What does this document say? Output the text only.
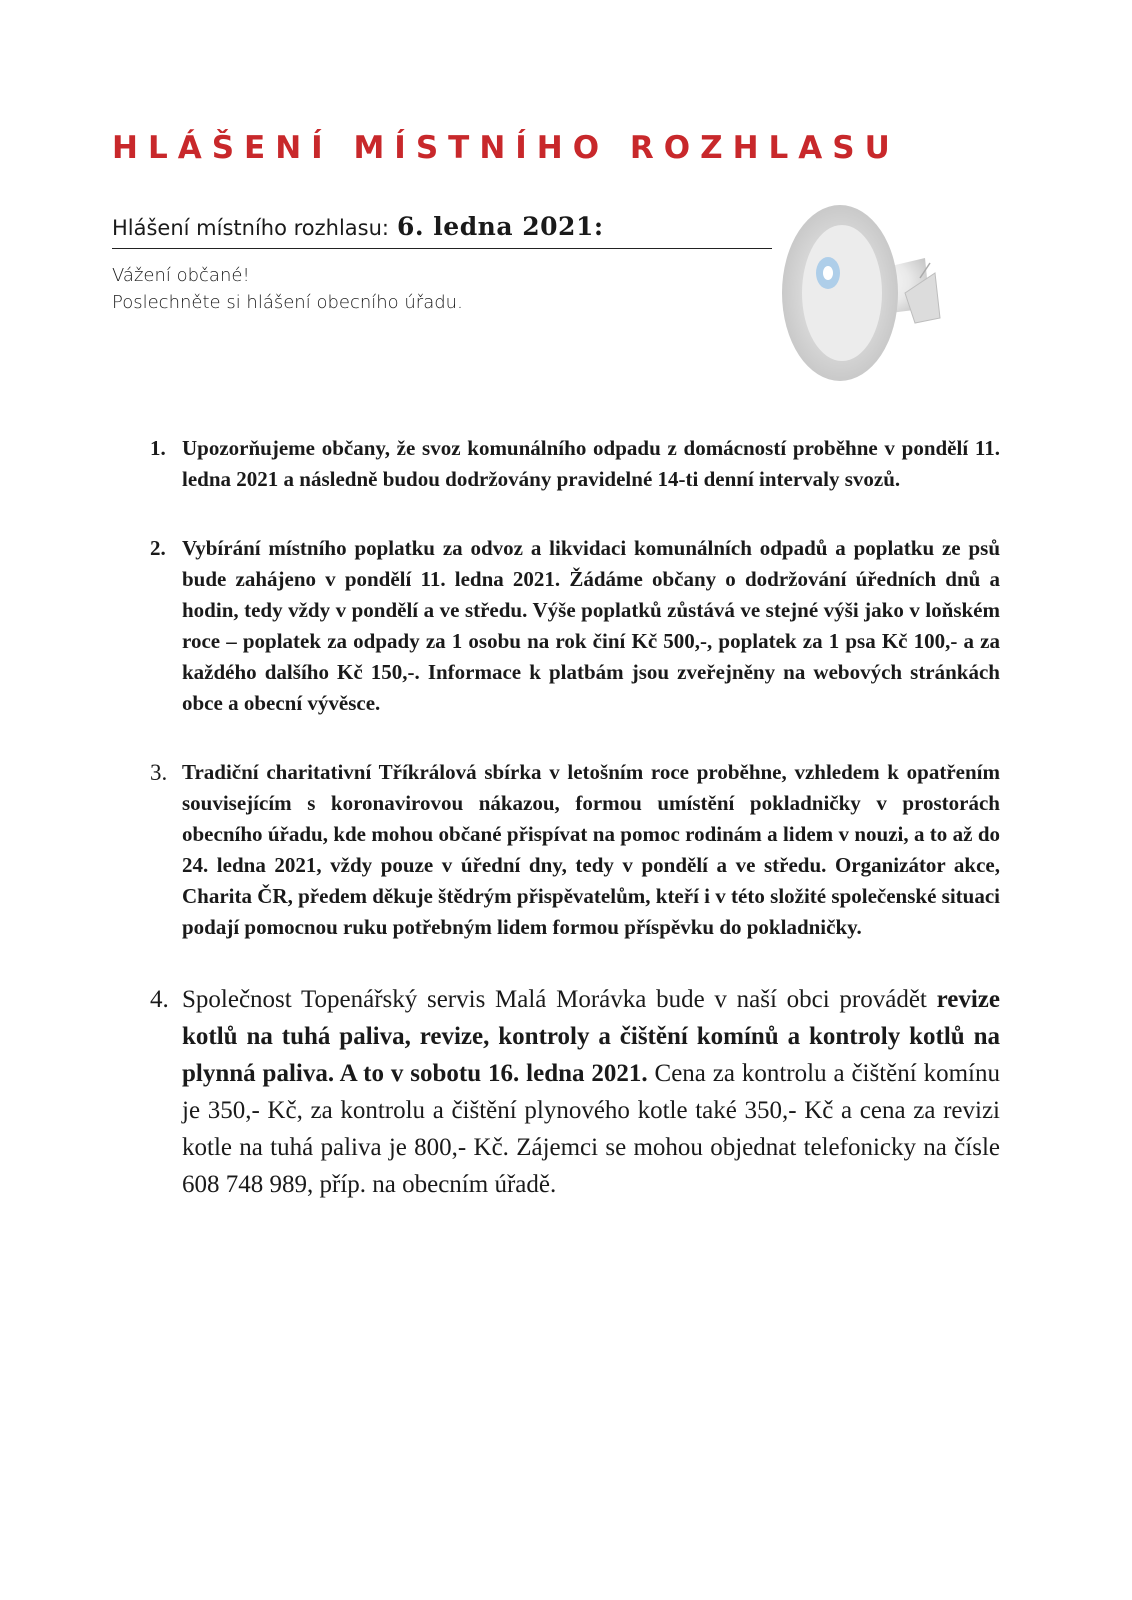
HLÁŠENÍ MÍSTNÍHO ROZHLASU
Hlášení místního rozhlasu: 6. ledna 2021:
Vážení občané!
Poslechněte si hlášení obecního úřadu.
1. Upozorňujeme občany, že svoz komunálního odpadu z domácností proběhne v pondělí 11. ledna 2021 a následně budou dodržovány pravidelné 14-ti denní intervaly svozů.
2. Vybírání místního poplatku za odvoz a likvidaci komunálních odpadů a poplatku ze psů bude zahájeno v pondělí 11. ledna 2021. Žádáme občany o dodržování úředních dnů a hodin, tedy vždy v pondělí a ve středu. Výše poplatků zůstává ve stejné výši jako v loňském roce – poplatek za odpady za 1 osobu na rok činí Kč 500,-, poplatek za 1 psa Kč 100,- a za každého dalšího Kč 150,-. Informace k platbám jsou zveřejněny na webových stránkách obce a obecní vývěsce.
3. Tradiční charitativní Tříkrálová sbírka v letošním roce proběhne, vzhledem k opatřením souvisejícím s koronavirovou nákazou, formou umístění pokladničky v prostorách obecního úřadu, kde mohou občané přispívat na pomoc rodinám a lidem v nouzi, a to až do 24. ledna 2021, vždy pouze v úřední dny, tedy v pondělí a ve středu. Organizátor akce, Charita ČR, předem děkuje štědrým přispěvatelům, kteří i v této složité společenské situaci podají pomocnou ruku potřebným lidem formou příspěvku do pokladničky.
4. Společnost Topenářský servis Malá Morávka bude v naší obci provádět revize kotlů na tuhá paliva, revize, kontroly a čištění komínů a kontroly kotlů na plynná paliva. A to v sobotu 16. ledna 2021. Cena za kontrolu a čištění komínu je 350,- Kč, za kontrolu a čištění plynového kotle také 350,- Kč a cena za revizi kotle na tuhá paliva je 800,- Kč. Zájemci se mohou objednat telefonicky na čísle 608 748 989, příp. na obecním úřadě.
